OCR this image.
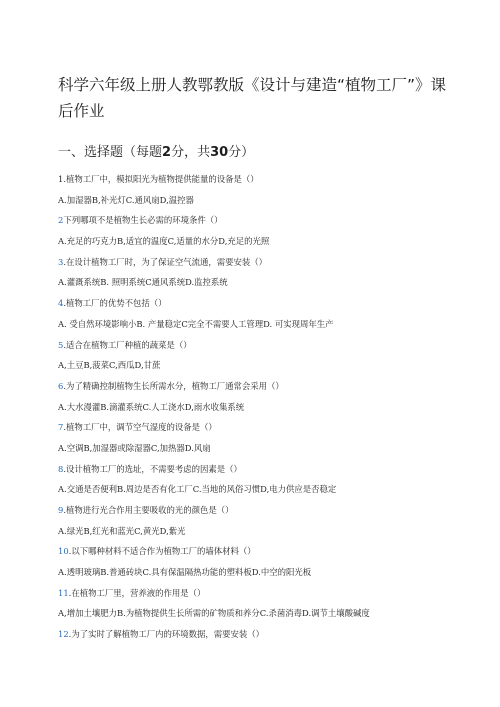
科学六年级上册人教鄂教版《设计与建造“植物工厂”》课后作业
一、选择题（每题2分，共30分）
1.植物工厂中，模拟阳光为植物提供能量的设备是（）
A.加湿器B,补光灯C.通风扇D,温控器
2下列哪项不是植物生长必需的环境条件（）
A.充足的巧克力B,适宜的温度C,适量的水分D,充足的光照
3.在设计植物工厂时，为了保证空气流通，需要安装（）
A.灌溉系统B. 照明系统C通风系统D.监控系统
4.植物工厂的优势不包括（）
A. 受自然环境影响小B. 产量稳定C完全不需要人工管理D. 可实现周年生产
5.适合在植物工厂种植的蔬菜是（）
A,土豆B,菠菜C,西瓜D,甘蔗
6.为了精确控制植物生长所需水分，植物工厂通常会采用（）
A.大水漫灌B.滴灌系统C.人工浇水D,雨水收集系统
7.植物工厂中，调节空气湿度的设备是（）
A.空调B,加湿器或除湿器C,加热器D.风扇
8.设计植物工厂的选址，不需要考虑的因素是（）
A.交通是否便利B.周边是否有化工厂C.当地的风俗习惯D,电力供应是否稳定
9.植物进行光合作用主要吸收的光的颜色是（）
A.绿光B,红光和蓝光C,黄光D,紫光
10.以下哪种材料不适合作为植物工厂的墙体材料（）
A.透明玻璃B.普通砖块C.具有保温隔热功能的塑料板D.中空的阳光板
11.在植物工厂里，营养液的作用是（）
A,增加土壤肥力B.为植物提供生长所需的矿物质和养分C.杀菌消毒D.调节土壤酸碱度
12.为了实时了解植物工厂内的环境数据，需要安装（）
